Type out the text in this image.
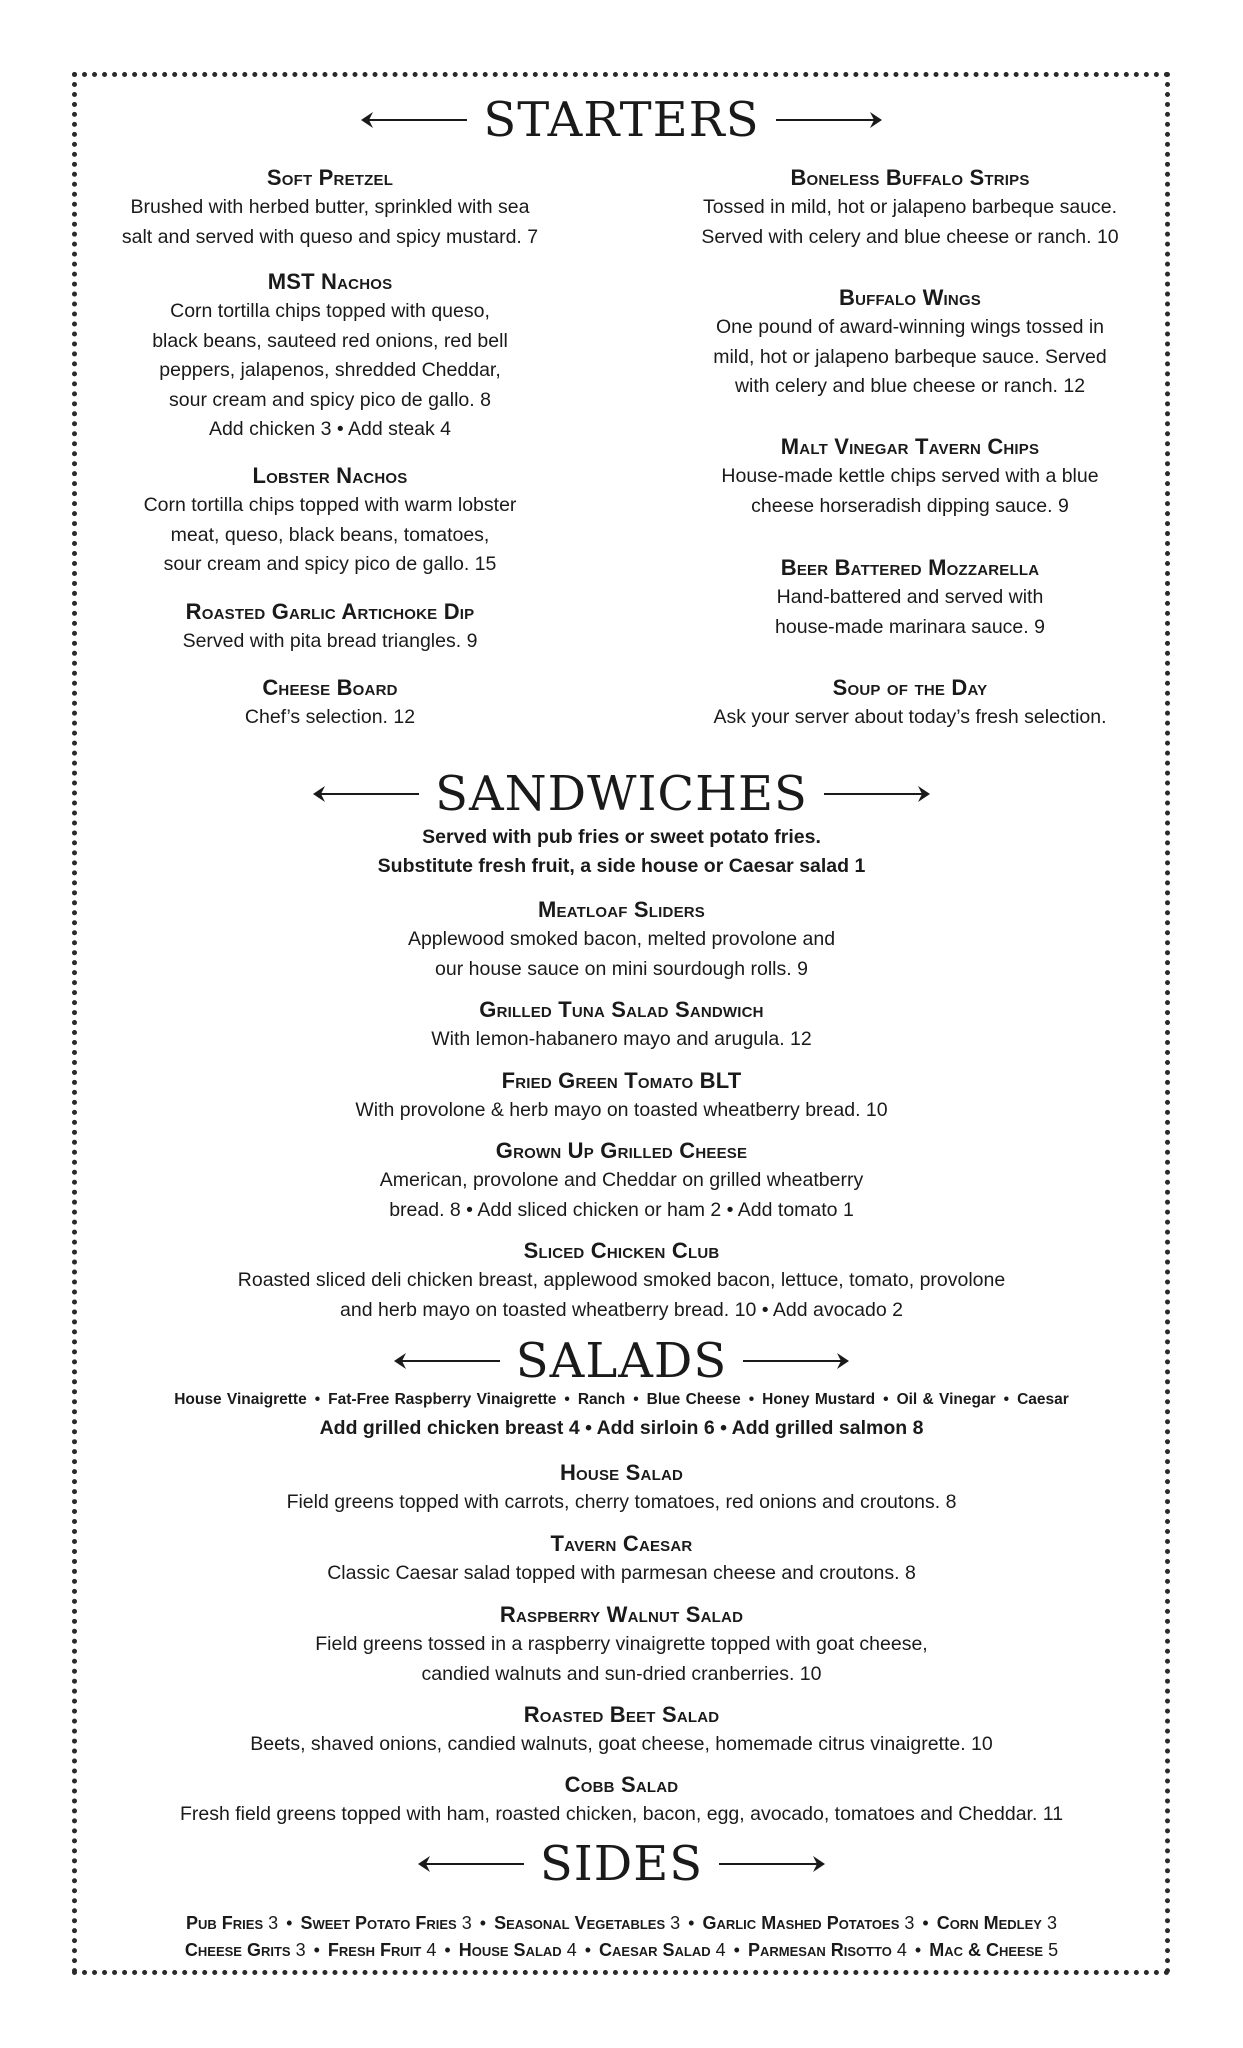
STARTERS
SANDWICHES
SALADS
SIDES
Soft Pretzel
Brushed with herbed butter, sprinkled with sea
salt and served with queso and spicy mustard. 7
MST Nachos
Corn tortilla chips topped with queso,
black beans, sauteed red onions, red bell
peppers, jalapenos, shredded Cheddar,
sour cream and spicy pico de gallo. 8
Add chicken 3 • Add steak 4
Lobster Nachos
Corn tortilla chips topped with warm lobster
meat, queso, black beans, tomatoes,
sour cream and spicy pico de gallo. 15
Roasted Garlic Artichoke Dip
Served with pita bread triangles. 9
Cheese Board
Chef’s selection. 12
Boneless Buffalo Strips
Tossed in mild, hot or jalapeno barbeque sauce.
Served with celery and blue cheese or ranch. 10
Buffalo Wings
One pound of award-winning wings tossed in
mild, hot or jalapeno barbeque sauce. Served
with celery and blue cheese or ranch. 12
Malt Vinegar Tavern Chips
House-made kettle chips served with a blue
cheese horseradish dipping sauce. 9
Beer Battered Mozzarella
Hand-battered and served with
house-made marinara sauce. 9
Soup of the Day
Ask your server about today’s fresh selection.
Served with pub fries or sweet potato fries.
Substitute fresh fruit, a side house or Caesar salad 1
Meatloaf Sliders
Applewood smoked bacon, melted provolone and
our house sauce on mini sourdough rolls. 9
Grilled Tuna Salad Sandwich
With lemon-habanero mayo and arugula. 12
Fried Green Tomato BLT
With provolone & herb mayo on toasted wheatberry bread. 10
Grown Up Grilled Cheese
American, provolone and Cheddar on grilled wheatberry
bread. 8 • Add sliced chicken or ham 2 • Add tomato 1
Sliced Chicken Club
Roasted sliced deli chicken breast, applewood smoked bacon, lettuce, tomato, provolone
and herb mayo on toasted wheatberry bread. 10 • Add avocado 2
House Vinaigrette • Fat-Free Raspberry Vinaigrette • Ranch • Blue Cheese • Honey Mustard • Oil & Vinegar • Caesar
Add grilled chicken breast 4 • Add sirloin 6 • Add grilled salmon 8
House Salad
Field greens topped with carrots, cherry tomatoes, red onions and croutons. 8
Tavern Caesar
Classic Caesar salad topped with parmesan cheese and croutons. 8
Raspberry Walnut Salad
Field greens tossed in a raspberry vinaigrette topped with goat cheese,
candied walnuts and sun-dried cranberries. 10
Roasted Beet Salad
Beets, shaved onions, candied walnuts, goat cheese, homemade citrus vinaigrette. 10
Cobb Salad
Fresh field greens topped with ham, roasted chicken, bacon, egg, avocado, tomatoes and Cheddar. 11
Pub Fries 3 • Sweet Potato Fries 3 • Seasonal Vegetables 3 • Garlic Mashed Potatoes 3 • Corn Medley 3
Cheese Grits 3 • Fresh Fruit 4 • House Salad 4 • Caesar Salad 4 • Parmesan Risotto 4 • Mac & Cheese 5
